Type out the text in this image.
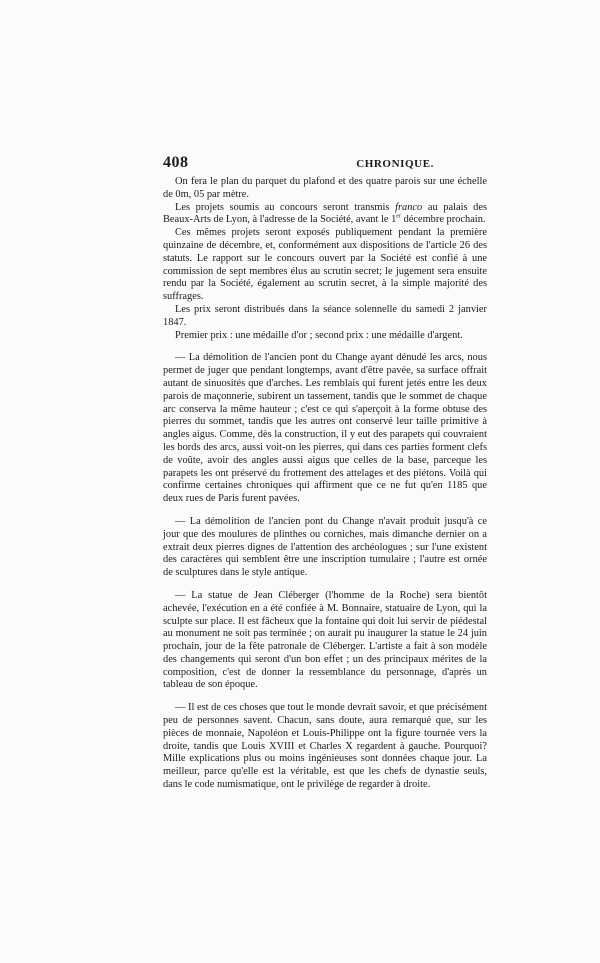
408	CHRONIQUE.

On fera le plan du parquet du plafond et des quatre parois sur une échelle de 0m, 05 par mètre.

Les projets soumis au concours seront transmis franco au palais des Beaux-Arts de Lyon, à l'adresse de la Société, avant le 1er décembre prochain.

Ces mêmes projets seront exposés publiquement pendant la première quinzaine de décembre, et, conformément aux dispositions de l'article 26 des statuts. Le rapport sur le concours ouvert par la Société est confié à une commission de sept membres élus au scrutin secret; le jugement sera ensuite rendu par la Société, également au scrutin secret, à la simple majorité des suffrages.

Les prix seront distribués dans la séance solennelle du samedi 2 janvier 1847.

Premier prix : une médaille d'or ; second prix : une médaille d'argent.

— La démolition de l'ancien pont du Change ayant dénudé les arcs, nous permet de juger que pendant longtemps, avant d'être pavée, sa surface offrait autant de sinuosités que d'arches. Les remblais qui furent jetés entre les deux parois de maçonnerie, subirent un tassement, tandis que le sommet de chaque arc conserva la même hauteur ; c'est ce qui s'aperçoit à la forme obtuse des pierres du sommet, tandis que les autres ont conservé leur taille primitive à angles aigus. Comme, dès la construction, il y eut des parapets qui couvraient les bords des arcs, aussi voit-on les pierres, qui dans ces parties forment clefs de voûte, avoir des angles aussi aigus que celles de la base, parceque les parapets les ont préservé du frottement des attelages et des piétons. Voilà qui confirme certaines chroniques qui affirment que ce ne fut qu'en 1185 que deux rues de Paris furent pavées.

— La démolition de l'ancien pont du Change n'avait produit jusqu'à ce jour que des moulures de plinthes ou corniches, mais dimanche dernier on a extrait deux pierres dignes de l'attention des archéologues ; sur l'une existent des caractères qui semblent être une inscription tumulaire ; l'autre est ornée de sculptures dans le style antique.

— La statue de Jean Cléberger (l'homme de la Roche) sera bientôt achevée, l'exécution en a été confiée à M. Bonnaire, statuaire de Lyon, qui la sculpte sur place. Il est fâcheux que la fontaine qui doit lui servir de piédestal au monument ne soit pas terminée ; on aurait pu inaugurer la statue le 24 juin prochain, jour de la fête patronale de Cléberger. L'artiste a fait à son modèle des changements qui seront d'un bon effet ; un des principaux mérites de la composition, c'est de donner la ressemblance du personnage, d'après un tableau de son époque.

— Il est de ces choses que tout le monde devrait savoir, et que précisément peu de personnes savent. Chacun, sans doute, aura remarqué que, sur les pièces de monnaie, Napoléon et Louis-Philippe ont la figure tournée vers la droite, tandis que Louis XVIII et Charles X regardent à gauche. Pourquoi? Mille explications plus ou moins ingénieuses sont données chaque jour. La meilleur, parce qu'elle est la véritable, est que les chefs de dynastie seuls, dans le code numismatique, ont le privilège de regarder à droite.
